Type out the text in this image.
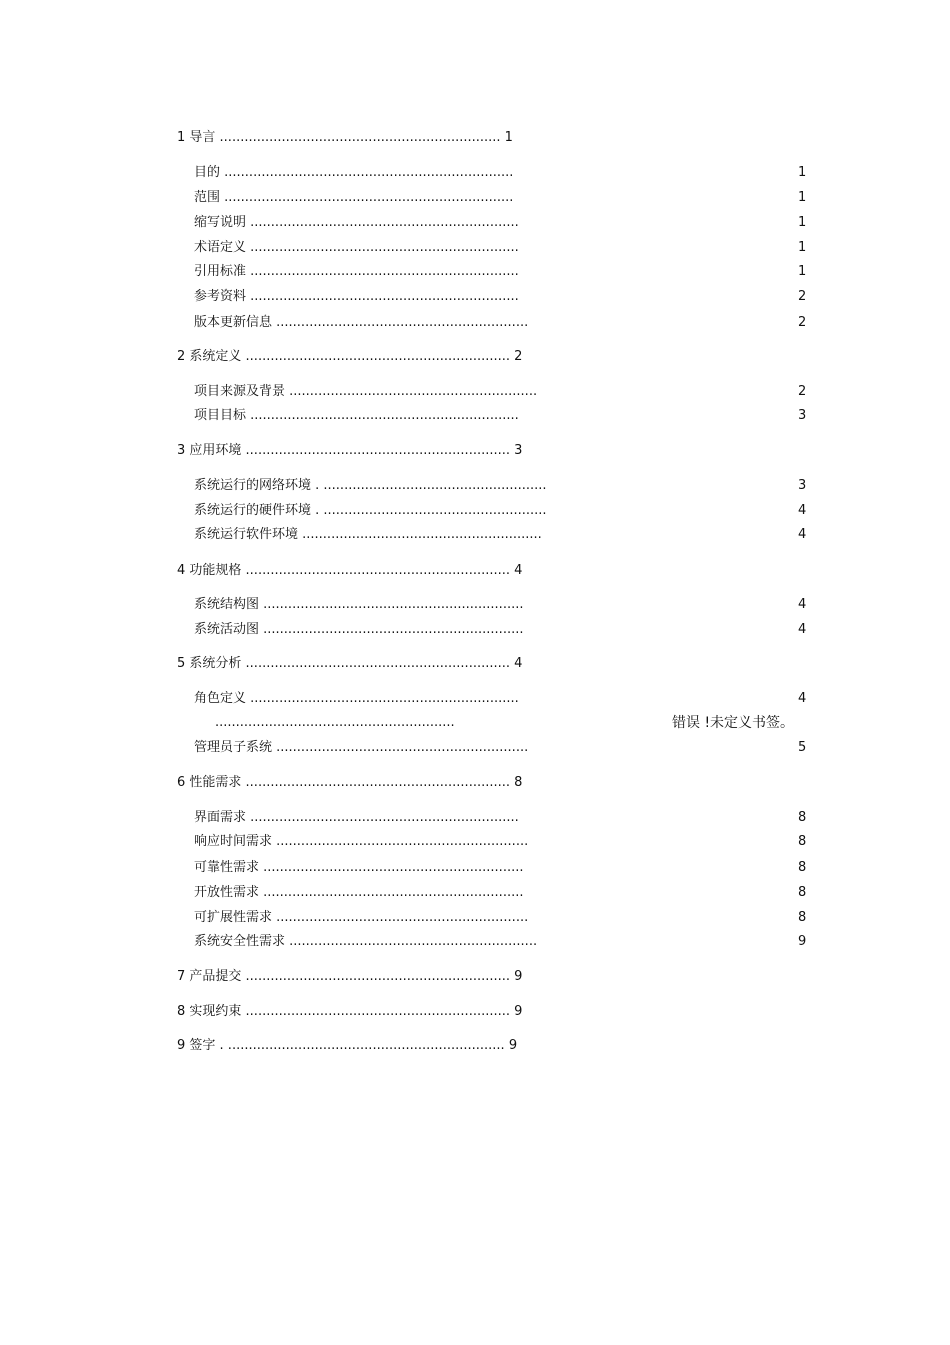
1 导言 .................................................................... 1
目的 ......................................................................	1
范围 ......................................................................	1
缩写说明 .................................................................	1
术语定义 .................................................................	1
引用标准 .................................................................	1
参考资料 .................................................................	2
版本更新信息 .............................................................	2
2 系统定义 ................................................................ 2
项目来源及背景 ............................................................	2
项目目标 .................................................................	3
3 应用环境 ................................................................ 3
系统运行的网络环境 . ......................................................	3
系统运行的硬件环境 . ......................................................	4
系统运行软件环境 ..........................................................	4
4 功能规格 ................................................................ 4
系统结构图 ...............................................................	4
系统活动图 ...............................................................	4
5 系统分析 ................................................................ 4
角色定义 .................................................................	4
..........................................................	错误 !未定义书签。
管理员子系统 .............................................................	5
6 性能需求 ................................................................ 8
界面需求 .................................................................	8
响应时间需求 .............................................................	8
可靠性需求 ...............................................................	8
开放性需求 ...............................................................	8
可扩展性需求 .............................................................	8
系统安全性需求 ............................................................	9
7 产品提交 ................................................................ 9
8 实现约束 ................................................................ 9
9 签字 . ................................................................... 9
